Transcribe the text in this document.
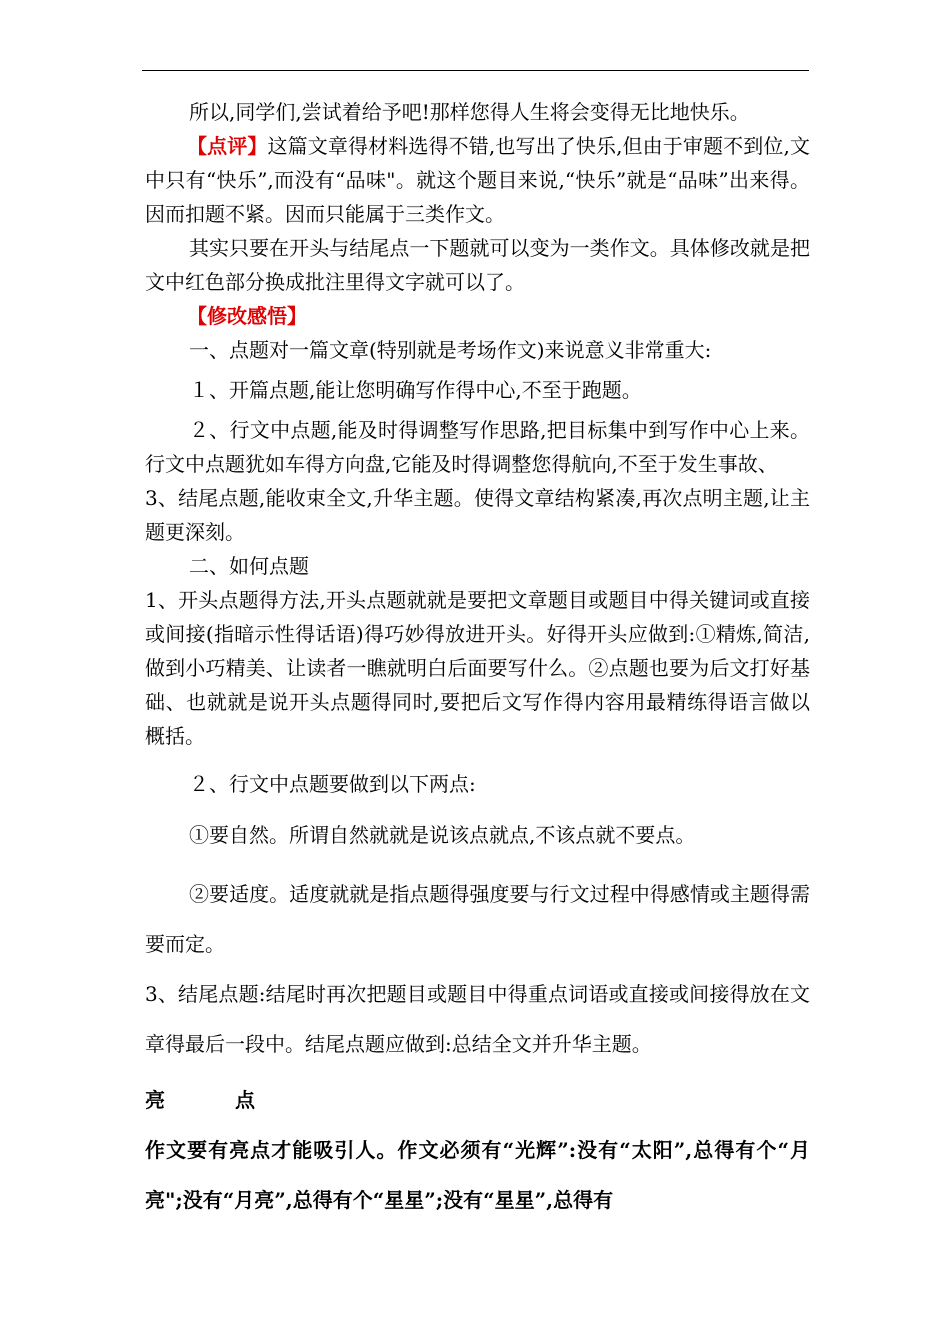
所以,同学们,尝试着给予吧!那样您得人生将会变得无比地快乐。

【点评】这篇文章得材料选得不错,也写出了快乐,但由于审题不到位,文中只有“快乐”,而没有“品味"。就这个题目来说,“快乐”就是“品味”出来得。因而扣题不紧。因而只能属于三类作文。

其实只要在开头与结尾点一下题就可以变为一类作文。具体修改就是把文中红色部分换成批注里得文字就可以了。

【修改感悟】

一、点题对一篇文章(特别就是考场作文)来说意义非常重大:

１、开篇点题,能让您明确写作得中心,不至于跑题。

２、行文中点题,能及时得调整写作思路,把目标集中到写作中心上来。行文中点题犹如车得方向盘,它能及时得调整您得航向,不至于发生事故、

3、结尾点题,能收束全文,升华主题。使得文章结构紧凑,再次点明主题,让主题更深刻。

二、如何点题

1、开头点题得方法,开头点题就就是要把文章题目或题目中得关键词或直接或间接(指暗示性得话语)得巧妙得放进开头。好得开头应做到:①精炼,简洁,做到小巧精美、让读者一瞧就明白后面要写什么。②点题也要为后文打好基础、也就就是说开头点题得同时,要把后文写作得内容用最精练得语言做以概括。

２、行文中点题要做到以下两点:

①要自然。所谓自然就就是说该点就点,不该点就不要点。

②要适度。适度就就是指点题得强度要与行文过程中得感情或主题得需要而定。

3、结尾点题:结尾时再次把题目或题目中得重点词语或直接或间接得放在文章得最后一段中。结尾点题应做到:总结全文并升华主题。

亮	点

作文要有亮点才能吸引人。作文必须有“光辉”:没有“太阳”,总得有个“月亮";没有“月亮”,总得有个“星星”;没有“星星”,总得有
